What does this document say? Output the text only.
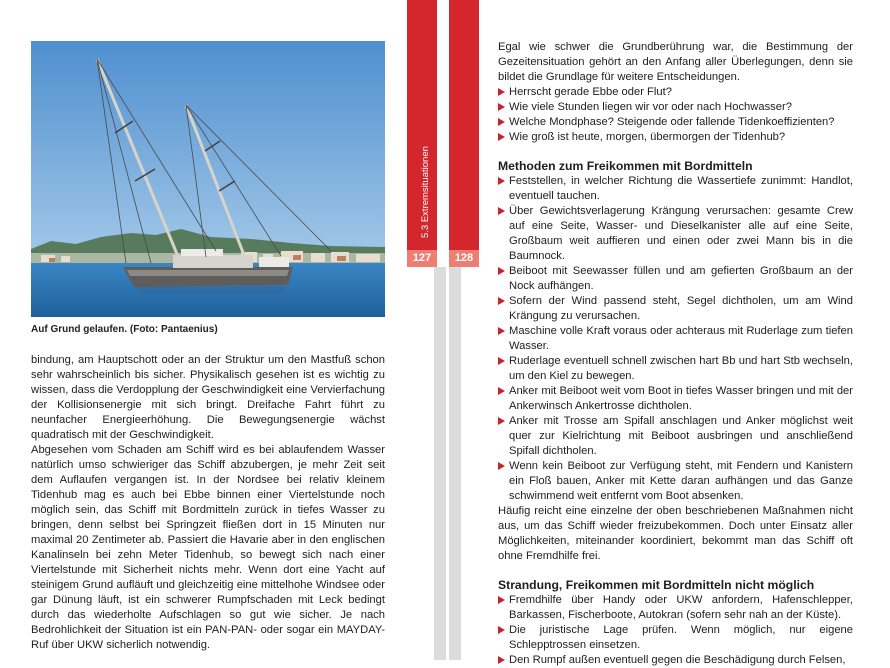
Auf Grund gelaufen. (Foto: Pantaenius)

bindung, am Hauptschott oder an der Struktur um den Mastfuß schon sehr wahrscheinlich bis sicher. Physikalisch gesehen ist es wichtig zu wissen, dass die Verdopplung der Geschwindigkeit eine Vervierfachung der Kollisionsenergie mit sich bringt. Dreifache Fahrt führt zu neunfacher Energieerhöhung. Die Bewegungsenergie wächst quadratisch mit der Geschwindigkeit.

Abgesehen vom Schaden am Schiff wird es bei ablaufendem Wasser natürlich umso schwieriger das Schiff abzubergen, je mehr Zeit seit dem Auflaufen vergangen ist. In der Nordsee bei relativ kleinem Tidenhub mag es auch bei Ebbe binnen einer Viertelstunde noch möglich sein, das Schiff mit Bordmitteln zurück in tiefes Wasser zu bringen, denn selbst bei Springzeit fließen dort in 15 Minuten nur maximal 20 Zentimeter ab. Passiert die Havarie aber in den englischen Kanalinseln bei zehn Meter Tidenhub, so bewegt sich nach einer Viertelstunde mit Sicherheit nichts mehr. Wenn dort eine Yacht auf steinigem Grund aufläuft und gleichzeitig eine mittelhohe Windsee oder gar Dünung läuft, ist ein schwerer Rumpfschaden mit Leck bedingt durch das wiederholte Aufschlagen so gut wie sicher. Je nach Bedrohlichkeit der Situation ist ein PAN-PAN- oder sogar ein MAYDAY-Ruf über UKW sicherlich notwendig.

5.3 Extremsituationen
127
5. Mögliche Tidenprobleme im Küstenbereich
128

Egal wie schwer die Grundberührung war, die Bestimmung der Gezeitensituation gehört an den Anfang aller Überlegungen, denn sie bildet die Grundlage für weitere Entscheidungen.

Herrscht gerade Ebbe oder Flut?
Wie viele Stunden liegen wir vor oder nach Hochwasser?
Welche Mondphase? Steigende oder fallende Tidenkoeffizienten?
Wie groß ist heute, morgen, übermorgen der Tidenhub?
Methoden zum Freikommen mit Bordmitteln
Feststellen, in welcher Richtung die Wassertiefe zunimmt: Handlot, eventuell tauchen.
Über Gewichtsverlagerung Krängung verursachen: gesamte Crew auf eine Seite, Wasser- und Dieselkanister alle auf eine Seite, Großbaum weit auffieren und einen oder zwei Mann bis in die Baumnock.
Beiboot mit Seewasser füllen und am gefierten Großbaum an der Nock aufhängen.
Sofern der Wind passend steht, Segel dichtholen, um am Wind Krängung zu verursachen.
Maschine volle Kraft voraus oder achteraus mit Ruderlage zum tiefen Wasser.
Ruderlage eventuell schnell zwischen hart Bb und hart Stb wechseln, um den Kiel zu bewegen.
Anker mit Beiboot weit vom Boot in tiefes Wasser bringen und mit der Ankerwinsch Ankertrosse dichtholen.
Anker mit Trosse am Spifall anschlagen und Anker möglichst weit quer zur Kielrichtung mit Beiboot ausbringen und anschließend Spifall dichtholen.
Wenn kein Beiboot zur Verfügung steht, mit Fendern und Kanistern ein Floß bauen, Anker mit Kette daran aufhängen und das Ganze schwimmend weit entfernt vom Boot absenken.

Häufig reicht eine einzelne der oben beschriebenen Maßnahmen nicht aus, um das Schiff wieder freizubekommen. Doch unter Einsatz aller Möglichkeiten, miteinander koordiniert, bekommt man das Schiff oft ohne Fremdhilfe frei.

Strandung, Freikommen mit Bordmitteln nicht möglich
Fremdhilfe über Handy oder UKW anfordern, Hafenschlepper, Barkassen, Fischerboote, Autokran (sofern sehr nah an der Küste).
Die juristische Lage prüfen. Wenn möglich, nur eigene Schlepptrossen einsetzen.
Den Rumpf außen eventuell gegen die Beschädigung durch Felsen,
